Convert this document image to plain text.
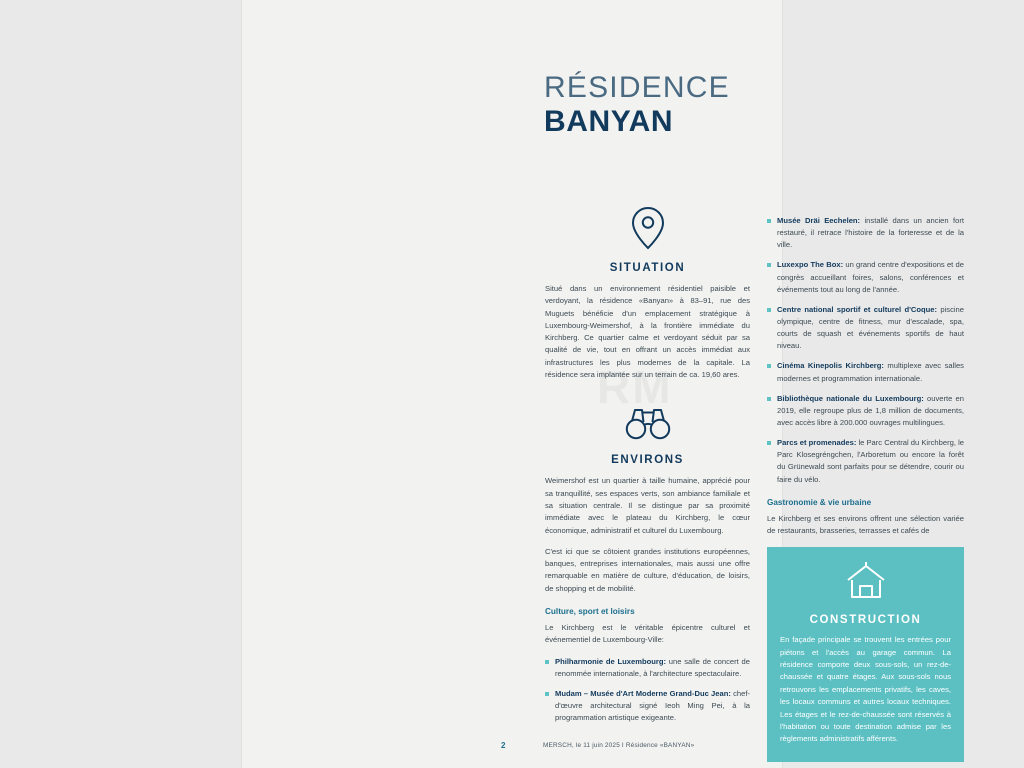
RÉSIDENCE
BANYAN
SITUATION

Situé dans un environnement résidentiel paisible et verdoyant, la résidence «Banyan» à 83–91, rue des Muguets bénéficie d'un emplacement stratégique à Luxembourg-Weimershof, à la frontière immédiate du Kirchberg. Ce quartier calme et verdoyant séduit par sa qualité de vie, tout en offrant un accès immédiat aux infrastructures les plus modernes de la capitale. La résidence sera implantée sur un terrain de ca. 19,60 ares.

ENVIRONS

Weimershof est un quartier à taille humaine, apprécié pour sa tranquillité, ses espaces verts, son ambiance familiale et sa situation centrale. Il se distingue par sa proximité immédiate avec le plateau du Kirchberg, le cœur économique, administratif et culturel du Luxembourg.

C'est ici que se côtoient grandes institutions européennes, banques, entreprises internationales, mais aussi une offre remarquable en matière de culture, d'éducation, de loisirs, de shopping et de mobilité.

Culture, sport et loisirs

Le Kirchberg est le véritable épicentre culturel et événementiel de Luxembourg-Ville:

Philharmonie de Luxembourg: une salle de concert de renommée internationale, à l'architecture spectaculaire.
Mudam – Musée d'Art Moderne Grand-Duc Jean: chef-d'œuvre architectural signé Ieoh Ming Pei, à la programmation artistique exigeante.
Musée Dräi Eechelen: installé dans un ancien fort restauré, il retrace l'histoire de la forteresse et de la ville.
Luxexpo The Box: un grand centre d'expositions et de congrès accueillant foires, salons, conférences et événements tout au long de l'année.
Centre national sportif et culturel d'Coque: piscine olympique, centre de fitness, mur d'escalade, spa, courts de squash et événements sportifs de haut niveau.
Cinéma Kinepolis Kirchberg: multiplexe avec salles modernes et programmation internationale.
Bibliothèque nationale du Luxembourg: ouverte en 2019, elle regroupe plus de 1,8 million de documents, avec accès libre à 200.000 ouvrages multilingues.
Parcs et promenades: le Parc Central du Kirchberg, le Parc Klosegréngchen, l'Arboretum ou encore la forêt du Grünewald sont parfaits pour se détendre, courir ou faire du vélo.
Gastronomie & vie urbaine

Le Kirchberg et ses environs offrent une sélection variée de restaurants, brasseries, terrasses et cafés de

CONSTRUCTION

En façade principale se trouvent les entrées pour piétons et l'accès au garage commun. La résidence comporte deux sous-sols, un rez-de-chaussée et quatre étages. Aux sous-sols nous retrouvons les emplacements privatifs, les caves, les locaux communs et autres locaux techniques. Les étages et le rez-de-chaussée sont réservés à l'habitation ou toute destination admise par les règlements administratifs afférents.

2	MERSCH, le 11 juin 2025 I Résidence «BANYAN»
